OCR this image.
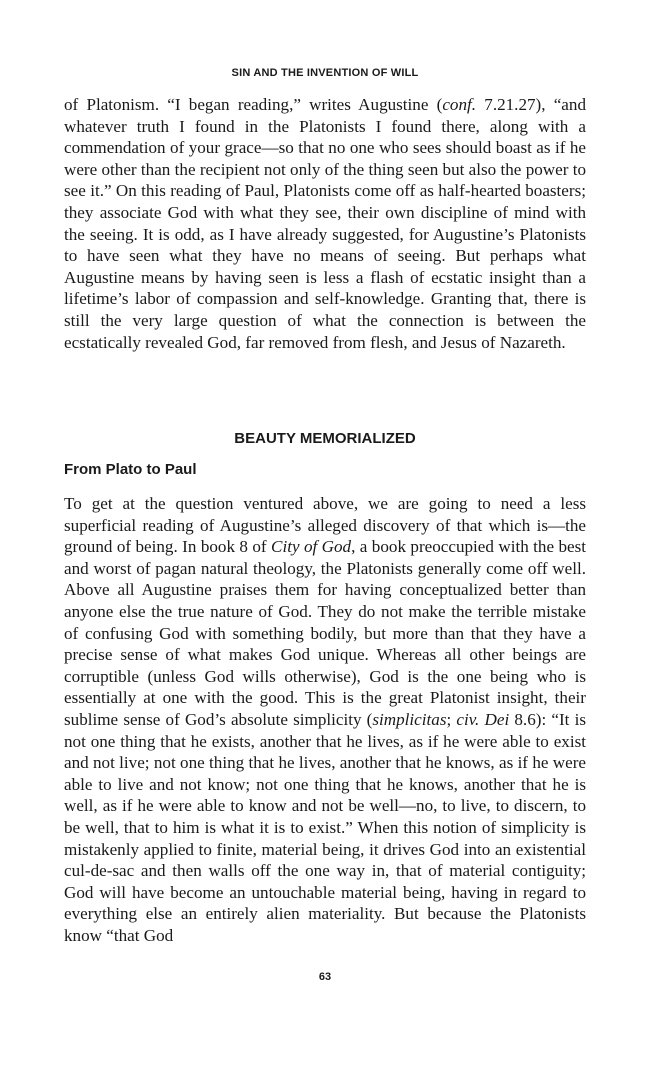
SIN AND THE INVENTION OF WILL

of Platonism. “I began reading,” writes Augustine (conf. 7.21.27), “and whatever truth I found in the Platonists I found there, along with a commendation of your grace—so that no one who sees should boast as if he were other than the recipient not only of the thing seen but also the power to see it.” On this reading of Paul, Platonists come off as half-hearted boasters; they associate God with what they see, their own discipline of mind with the seeing. It is odd, as I have already suggested, for Augustine’s Platonists to have seen what they have no means of seeing. But perhaps what Augustine means by having seen is less a flash of ecstatic insight than a lifetime’s labor of compassion and self-knowledge. Granting that, there is still the very large question of what the connection is between the ecstatically revealed God, far removed from flesh, and Jesus of Nazareth.

BEAUTY MEMORIALIZED
From Plato to Paul

To get at the question ventured above, we are going to need a less superficial reading of Augustine’s alleged discovery of that which is—the ground of being. In book 8 of City of God, a book preoccupied with the best and worst of pagan natural theology, the Platonists generally come off well. Above all Augustine praises them for having conceptualized better than anyone else the true nature of God. They do not make the terrible mistake of confusing God with something bodily, but more than that they have a precise sense of what makes God unique. Whereas all other beings are corruptible (unless God wills otherwise), God is the one being who is essentially at one with the good. This is the great Platonist insight, their sublime sense of God’s absolute simplicity (simplicitas; civ. Dei 8.6): “It is not one thing that he exists, another that he lives, as if he were able to exist and not live; not one thing that he lives, another that he knows, as if he were able to live and not know; not one thing that he knows, another that he is well, as if he were able to know and not be well—no, to live, to discern, to be well, that to him is what it is to exist.” When this notion of simplicity is mistakenly applied to finite, material being, it drives God into an existential cul-de-sac and then walls off the one way in, that of material contiguity; God will have become an untouchable material being, having in regard to everything else an entirely alien materiality. But because the Platonists know “that God

63
